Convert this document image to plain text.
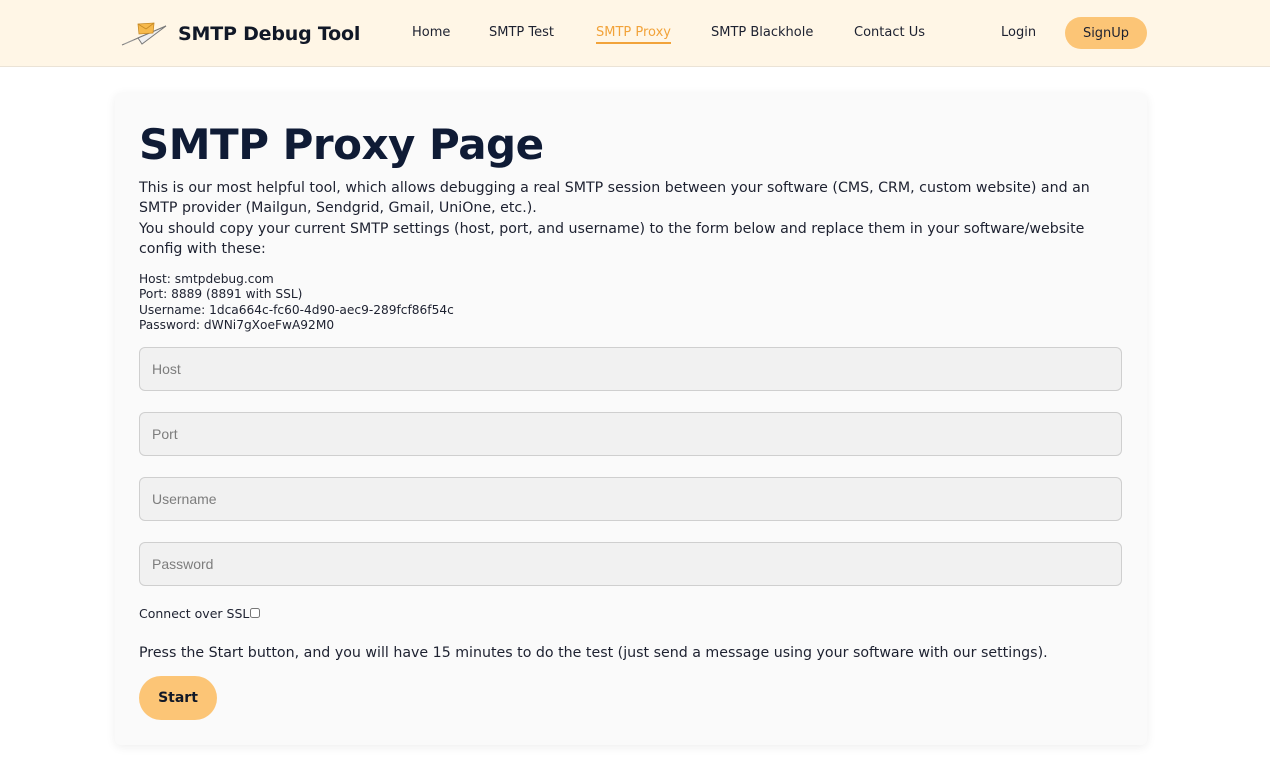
SMTP Debug Tool	Home	SMTP Test	SMTP Proxy	SMTP Blackhole	Contact Us	Login	SignUp
SMTP Proxy Page

This is our most helpful tool, which allows debugging a real SMTP session between your software (CMS, CRM, custom website) and an SMTP provider (Mailgun, Sendgrid, Gmail, UniOne, etc.).

You should copy your current SMTP settings (host, port, and username) to the form below and replace them in your software/website config with these:

Host: smtpdebug.com
Port: 8889 (8891 with SSL)
Username: 1dca664c-fc60-4d90-aec9-289fcf86f54c
Password: dWNi7gXoeFwA92M0
Host
Port
Username
Connect over SSL

Press the Start button, and you will have 15 minutes to do the test (just send a message using your software with our settings).

Start
